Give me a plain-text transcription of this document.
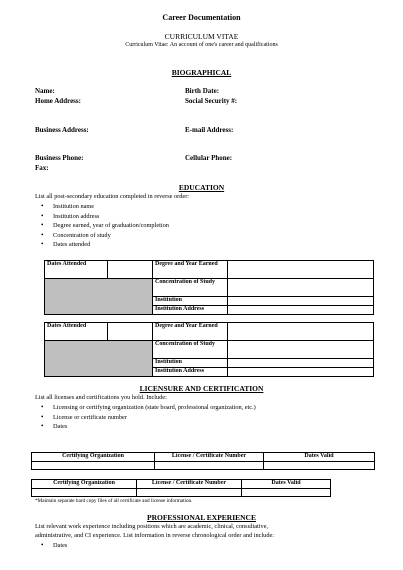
Career Documentation
CURRICULUM VITAE
Curriculum Vitae: An account of one's career and qualifications
BIOGRAPHICAL
Name:	Birth Date:
Home Address:	Social Security #:
Business Address:	E-mail Address:
Business Phone:	Cellular Phone:
Fax:
EDUCATION
List all post-secondary education completed in reverse order:
• Institution name
• Institution address
• Degree earned, year of graduation/completion
• Concentration of study
• Dates attended
Dates Attended		Degree and Year Earned	
		Concentration of Study	
		Institution	
		Institution Address	
Dates Attended		Degree and Year Earned	
		Concentration of Study	
		Institution	
		Institution Address	
LICENSURE AND CERTIFICATION
List all licenses and certifications you hold. Include:
• Licensing or certifying organization (state board, professional organization, etc.)
• License or certificate number
• Dates
Certifying Organization	License / Certificate Number	Dates Valid

Certifying Organization	License / Certificate Number	Dates Valid

*Maintain separate hard copy files of all certificate and license information.
PROFESSIONAL EXPERIENCE
List relevant work experience including positions which are academic, clinical, consultative,
administrative, and CI experience. List information in reverse chronological order and include:
• Dates
